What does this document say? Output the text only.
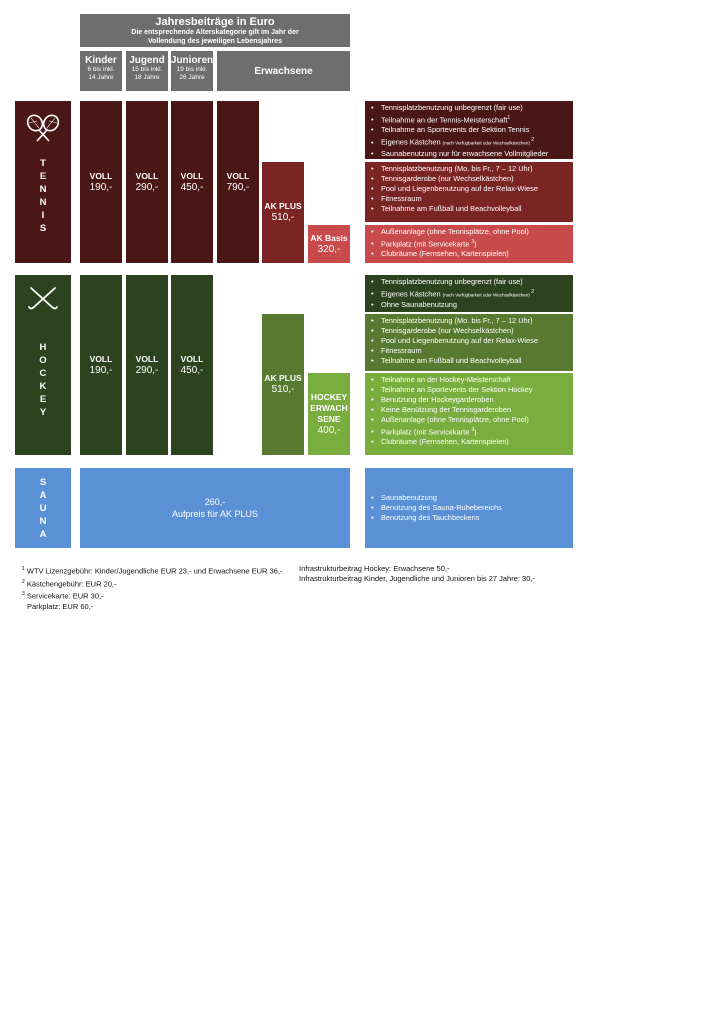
Jahresbeiträge in Euro
Die entsprechende Alterskategorie gilt im Jahr der
Vollendung des jeweiligen Lebensjahres
Kinder
6 bis inkl.
14 Jahre
Jugend
15 bis inkl.
18 Jahre
Junioren
19 bis inkl.
26 Jahre
Erwachsene
T
E
N
N
I
S
VOLL
190,-
VOLL
290,-
VOLL
450,-
VOLL
790,-
AK PLUS
510,-
AK Basis
320,-
• Tennisplatzbenutzung unbegrenzt (fair use)
• Teilnahme an der Tennis-Meisterschaft$^1$
• Teilnahme an Sportevents der Sektion Tennis
• Eigenes Kästchen (nach Verfügbarkeit oder Wechselkästchen) $^2$
• Saunabenutzung nur für erwachsene Vollmitglieder
• Tennisplatzbenutzung (Mo. bis Fr., 7 – 12 Uhr)
• Tennisgarderobe (nur Wechselkästchen)
• Pool und Liegenbenutzung auf der Relax-Wiese
• Fitnessraum
• Teilnahme am Fußball und Beachvolleyball
• Außenanlage (ohne Tennisplätze, ohne Pool)
• Parkplatz (mit Servicekarte $^3$)
• Clubräume (Fernsehen, Kartenspielen)
H
O
C
K
E
Y
VOLL
190,-
VOLL
290,-
VOLL
450,-
AK PLUS
510,-
HOCKEY
ERWACH
SENE
400,-
• Tennisplatzbenutzung unbegrenzt (fair use)
• Eigenes Kästchen (nach Verfügbarkeit oder Wechselkästchen) $^2$
• Ohne Saunabenutzung
• Tennisplatzbenutzung (Mo. bis Fr., 7 – 12 Uhr)
• Tennisgarderobe (nur Wechselkästchen)
• Pool und Liegenbenutzung auf der Relax-Wiese
• Fitnessraum
• Teilnahme am Fußball und Beachvolleyball
• Teilnahme an der Hockey-Meisterschaft
• Teilnahme an Sportevents der Sektion Hockey
• Benutzung der Hockeygarderoben
• Keine Benützung der Tennisgarderoben
• Außenanlage (ohne Tennisplätze, ohne Pool)
• Parkplatz (mit Servicekarte $^3$)
• Clubräume (Fernsehen, Kartenspielen)
S
A
U
N
A
260,-
Aufpreis für AK PLUS
• Saunabenutzung
• Benutzung des Sauna-Ruhebereichs
• Benutzung des Tauchbeckens
$^1$ WTV Lizenzgebühr: Kinder/Jugendliche EUR 23,- und Erwachsene EUR 36,-
$^2$ Kästchengebühr: EUR 20,-
$^3$ Servicekarte: EUR 30,-
Parkplatz: EUR 60,-
Infrastrukturbeitrag Hockey: Erwachsene 50,-
Infrastrukturbeitrag Kinder, Jugendliche und Junioren bis 27 Jahre: 30,-
